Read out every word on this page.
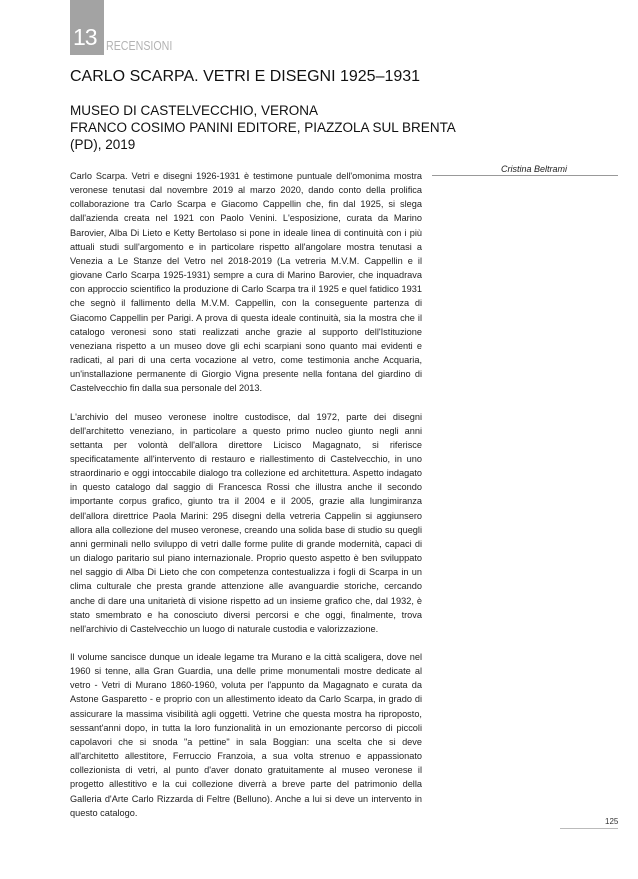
13 RECENSIONI
CARLO SCARPA. VETRI E DISEGNI 1925–1931
MUSEO DI CASTELVECCHIO, VERONA
FRANCO COSIMO PANINI EDITORE, PIAZZOLA SUL BRENTA
(PD), 2019
Cristina Beltrami

Carlo Scarpa. Vetri e disegni 1926-1931 è testimone puntuale dell'omonima mostra veronese tenutasi dal novembre 2019 al marzo 2020, dando conto della prolifica collaborazione tra Carlo Scarpa e Giacomo Cappellin che, fin dal 1925, si slega dall'azienda creata nel 1921 con Paolo Venini. L'esposizione, curata da Marino Barovier, Alba Di Lieto e Ketty Bertolaso si pone in ideale linea di continuità con i più attuali studi sull'argomento e in particolare rispetto all'angolare mostra tenutasi a Venezia a Le Stanze del Vetro nel 2018-2019 (La vetreria M.V.M. Cappellin e il giovane Carlo Scarpa 1925-1931) sempre a cura di Marino Barovier, che inquadrava con approccio scientifico la produzione di Carlo Scarpa tra il 1925 e quel fatidico 1931 che segnò il fallimento della M.V.M. Cappellin, con la conseguente partenza di Giacomo Cappellin per Parigi. A prova di questa ideale continuità, sia la mostra che il catalogo veronesi sono stati realizzati anche grazie al supporto dell'Istituzione veneziana rispetto a un museo dove gli echi scarpiani sono quanto mai evidenti e radicati, al pari di una certa vocazione al vetro, come testimonia anche Acquaria, un'installazione permanente di Giorgio Vigna presente nella fontana del giardino di Castelvecchio fin dalla sua personale del 2013.

L'archivio del museo veronese inoltre custodisce, dal 1972, parte dei disegni dell'architetto veneziano, in particolare a questo primo nucleo giunto negli anni settanta per volontà dell'allora direttore Licisco Magagnato, si riferisce specificatamente all'intervento di restauro e riallestimento di Castelvecchio, in uno straordinario e oggi intoccabile dialogo tra collezione ed architettura. Aspetto indagato in questo catalogo dal saggio di Francesca Rossi che illustra anche il secondo importante corpus grafico, giunto tra il 2004 e il 2005, grazie alla lungimiranza dell'allora direttrice Paola Marini: 295 disegni della vetreria Cappelin si aggiunsero allora alla collezione del museo veronese, creando una solida base di studio su quegli anni germinali nello sviluppo di vetri dalle forme pulite di grande modernità, capaci di un dialogo paritario sul piano internazionale. Proprio questo aspetto è ben sviluppato nel saggio di Alba Di Lieto che con competenza contestualizza i fogli di Scarpa in un clima culturale che presta grande attenzione alle avanguardie storiche, cercando anche di dare una unitarietà di visione rispetto ad un insieme grafico che, dal 1932, è stato smembrato e ha conosciuto diversi percorsi e che oggi, finalmente, trova nell'archivio di Castelvecchio un luogo di naturale custodia e valorizzazione.

Il volume sancisce dunque un ideale legame tra Murano e la città scaligera, dove nel 1960 si tenne, alla Gran Guardia, una delle prime monumentali mostre dedicate al vetro - Vetri di Murano 1860-1960, voluta per l'appunto da Magagnato e curata da Astone Gasparetto - e proprio con un allestimento ideato da Carlo Scarpa, in grado di assicurare la massima visibilità agli oggetti. Vetrine che questa mostra ha riproposto, sessant'anni dopo, in tutta la loro funzionalità in un emozionante percorso di piccoli capolavori che si snoda "a pettine" in sala Boggian: una scelta che si deve all'architetto allestitore, Ferruccio Franzoia, a sua volta strenuo e appassionato collezionista di vetri, al punto d'aver donato gratuitamente al museo veronese il progetto allestitivo e la cui collezione diverrà a breve parte del patrimonio della Galleria d'Arte Carlo Rizzarda di Feltre (Belluno). Anche a lui si deve un intervento in questo catalogo.

125
